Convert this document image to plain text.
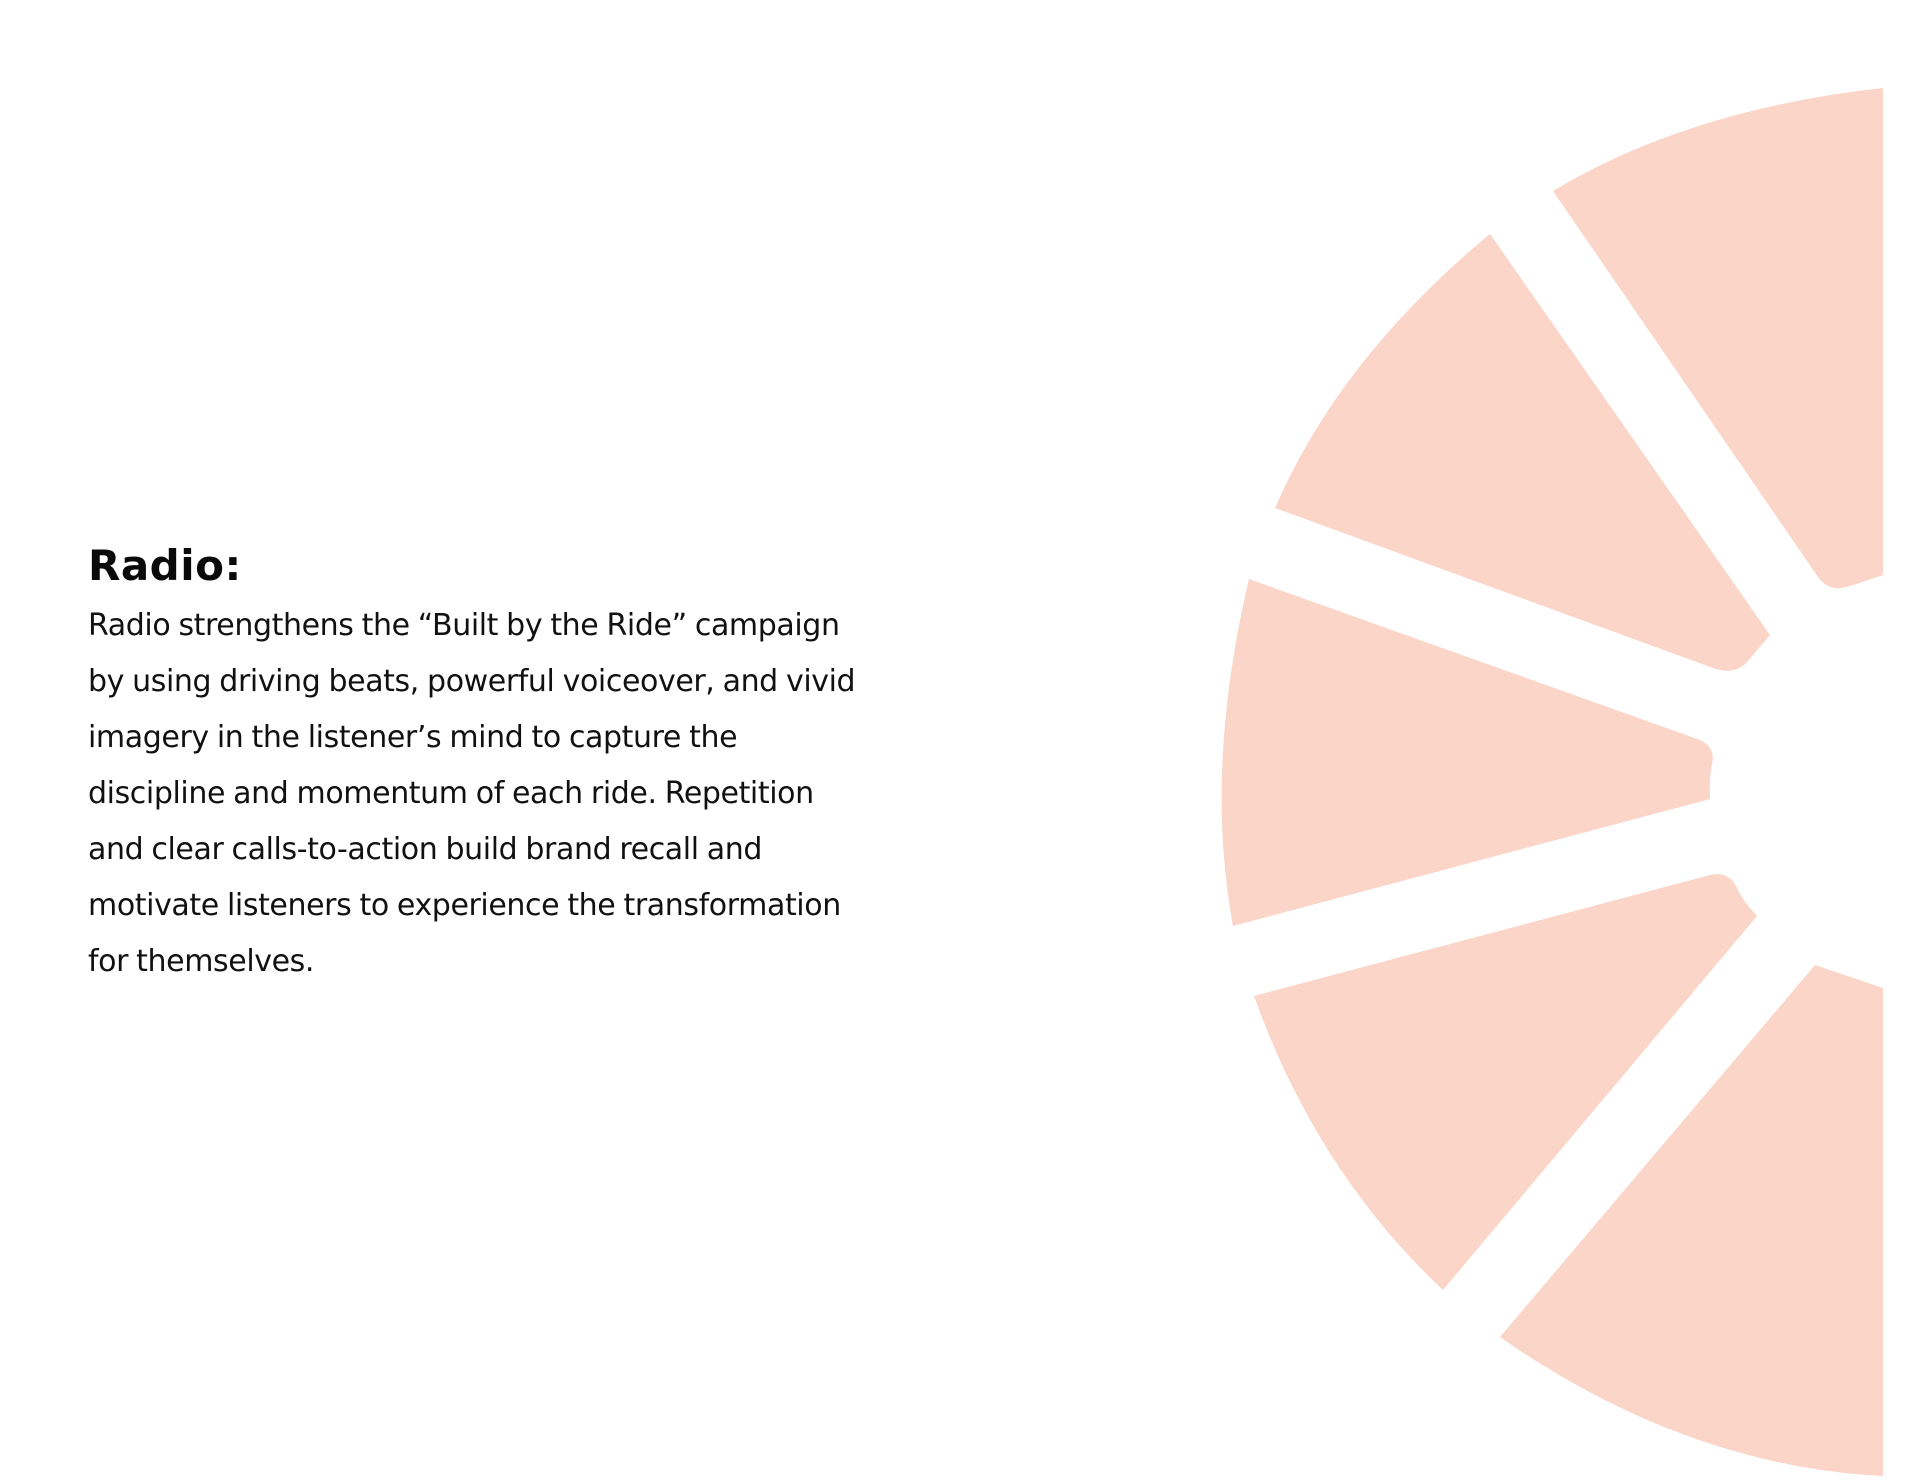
Radio:

Radio strengthens the “Built by the Ride” campaign by using driving beats, powerful voiceover, and vivid imagery in the listener’s mind to capture the discipline and momentum of each ride. Repetition and clear calls-to-action build brand recall and motivate listeners to experience the transformation for themselves.
